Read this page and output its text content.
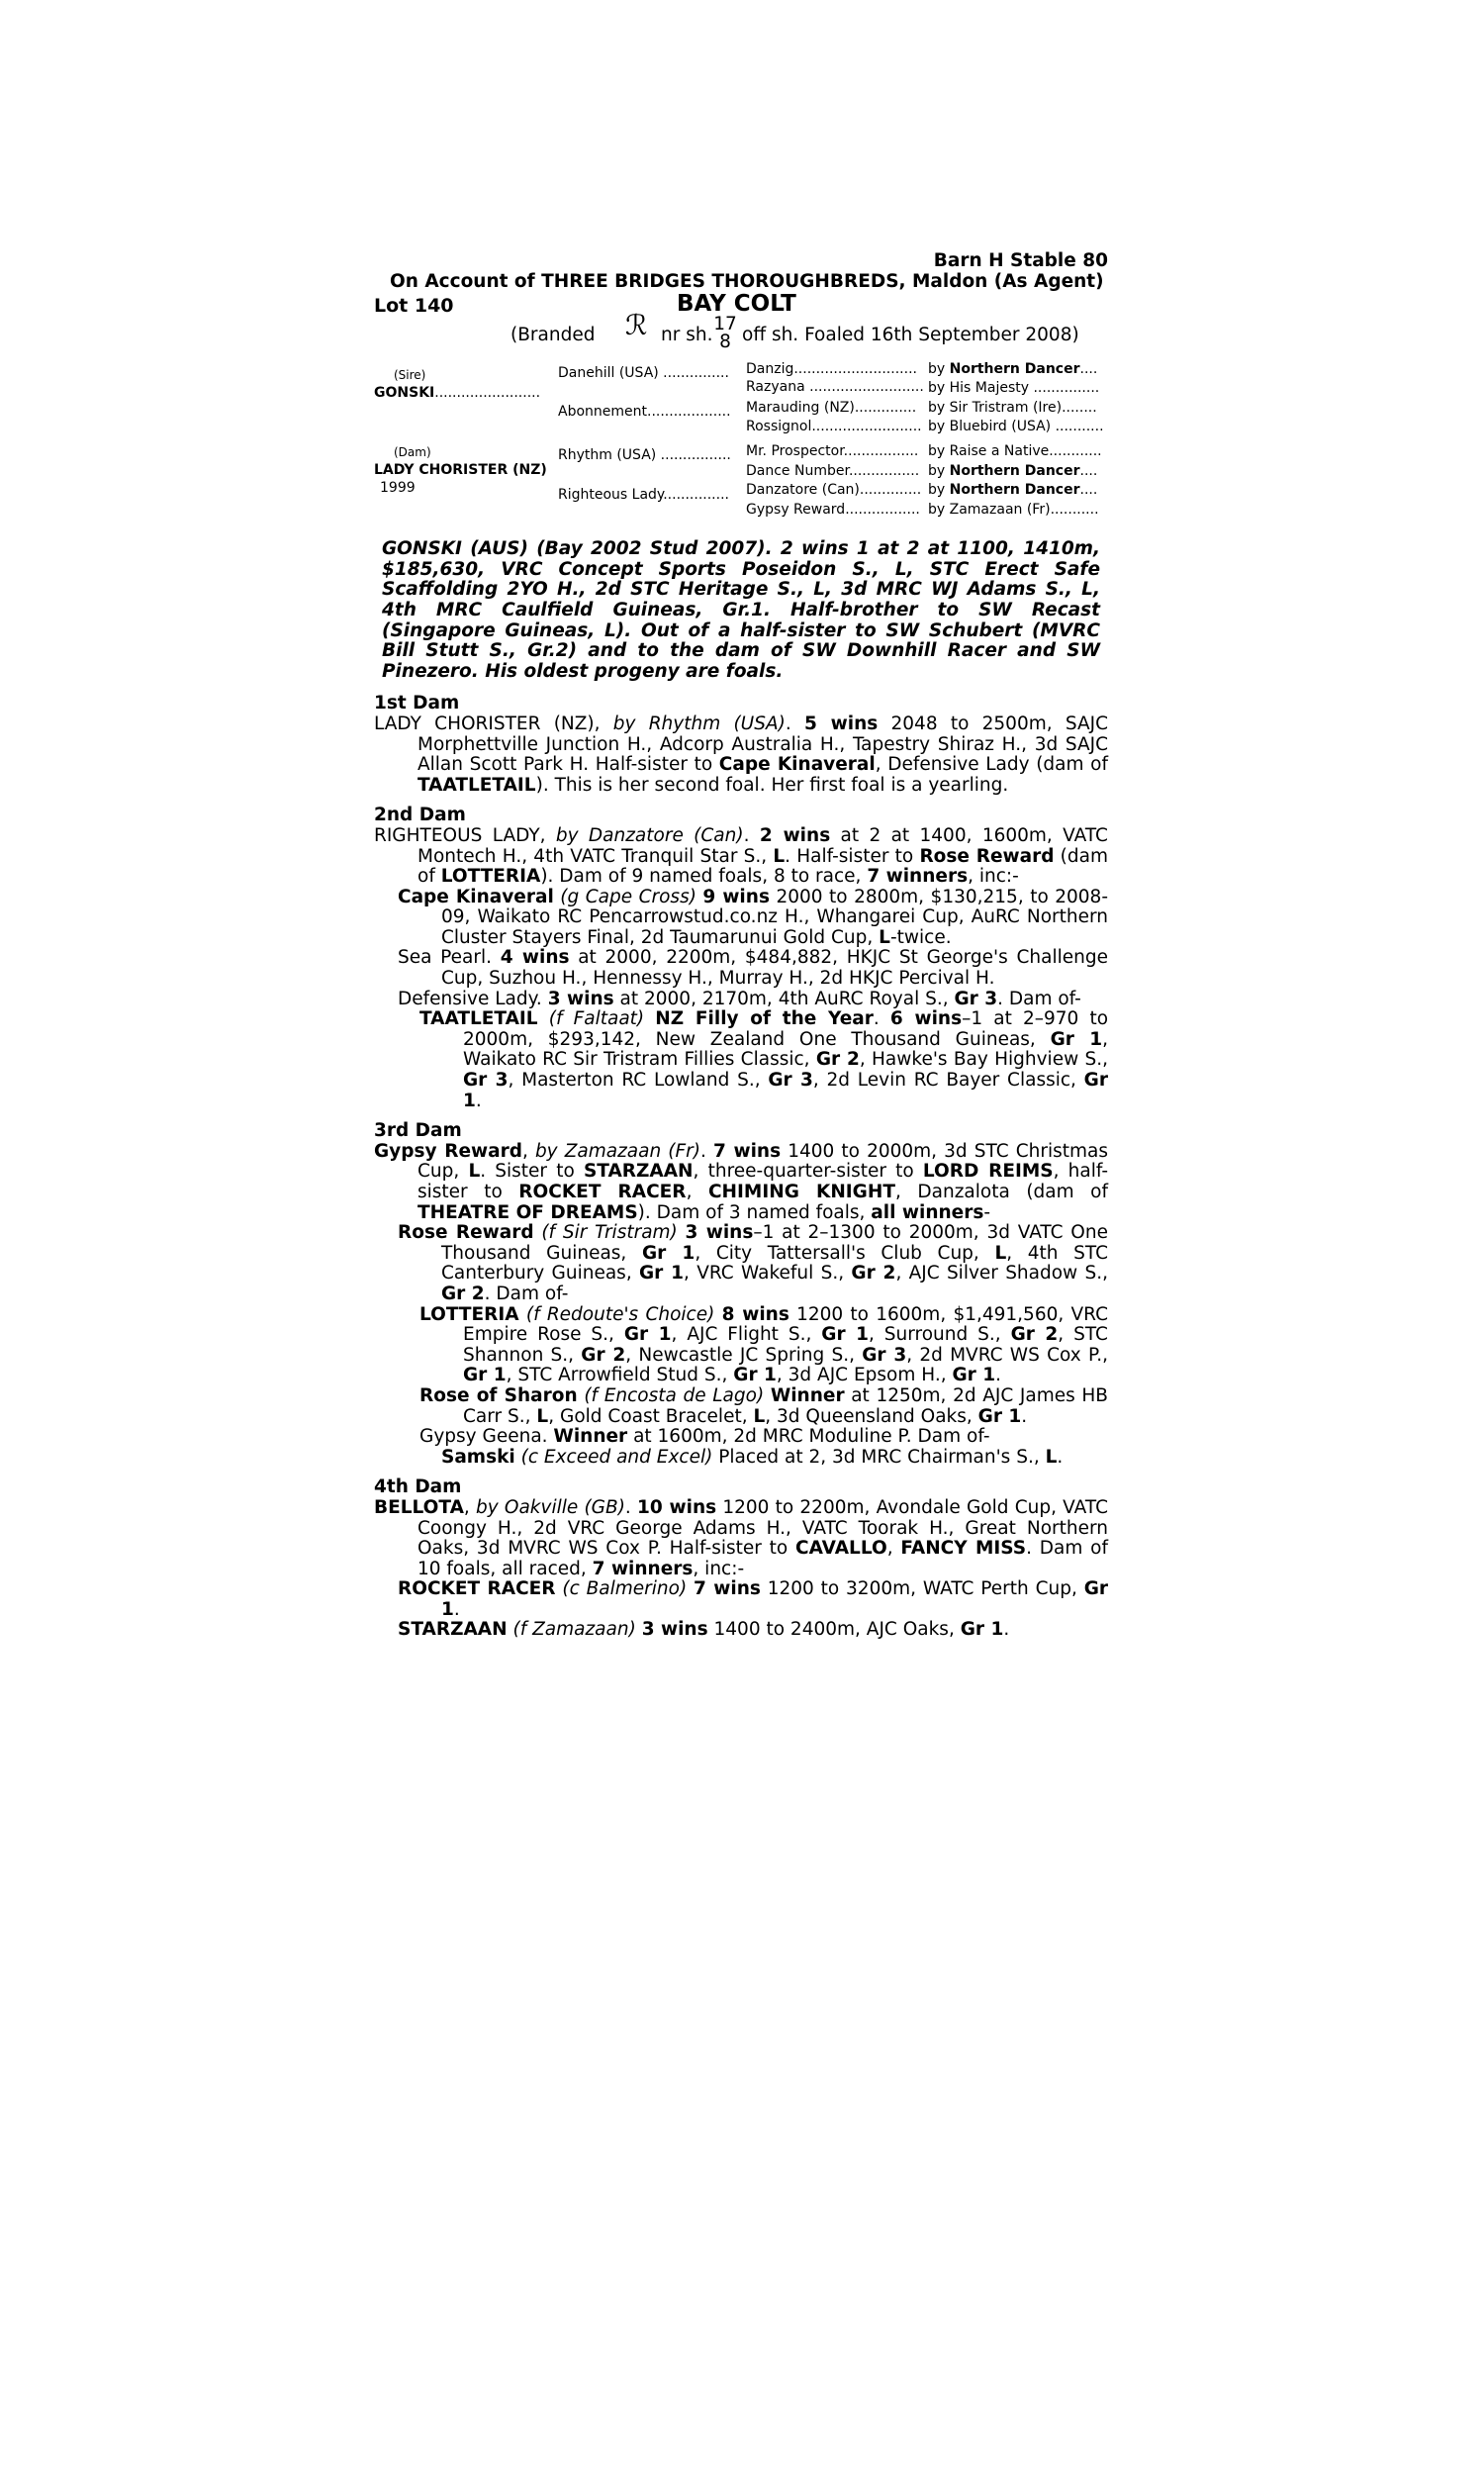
Barn H Stable 80
On Account of THREE BRIDGES THOROUGHBREDS, Maldon (As Agent)
Lot 140	BAY COLT
(Branded ℛ nr sh.
17
8 off sh. Foaled 16th September 2008)
(Sire)
GONSKI........................
(Dam)
LADY CHORISTER (NZ)
1999
Danehill (USA) ...............
Abonnement...................
Rhythm (USA) ................
Righteous Lady...............
Danzig............................
Razyana ..........................
Marauding (NZ)..............
Rossignol.........................
Mr. Prospector.................
Dance Number................
Danzatore (Can)..............
Gypsy Reward.................
by Northern Dancer....
by His Majesty ...............
by Sir Tristram (Ire)........
by Bluebird (USA) ...........
by Raise a Native............
by Northern Dancer....
by Northern Dancer....
by Zamazaan (Fr)...........
GONSKI (AUS) (Bay 2002 Stud 2007). 2 wins 1 at 2 at 1100, 1410m, $185,630, VRC Concept Sports Poseidon S., L, STC Erect Safe Scaffolding 2YO H., 2d STC Heritage S., L, 3d MRC WJ Adams S., L, 4th MRC Caulfield Guineas, Gr.1. Half-brother to SW Recast (Singapore Guineas, L). Out of a half-sister to SW Schubert (MVRC Bill Stutt S., Gr.2) and to the dam of SW Downhill Racer and SW Pinezero. His oldest progeny are foals.
1st Dam
LADY CHORISTER (NZ), by Rhythm (USA). 5 wins 2048 to 2500m, SAJC Morphettville Junction H., Adcorp Australia H., Tapestry Shiraz H., 3d SAJC Allan Scott Park H. Half-sister to Cape Kinaveral, Defensive Lady (dam of TAATLETAIL). This is her second foal. Her first foal is a yearling.
2nd Dam
RIGHTEOUS LADY, by Danzatore (Can). 2 wins at 2 at 1400, 1600m, VATC Montech H., 4th VATC Tranquil Star S., L. Half-sister to Rose Reward (dam of LOTTERIA). Dam of 9 named foals, 8 to race, 7 winners, inc:-
Cape Kinaveral (g Cape Cross) 9 wins 2000 to 2800m, $130,215, to 2008-09, Waikato RC Pencarrowstud.co.nz H., Whangarei Cup, AuRC Northern Cluster Stayers Final, 2d Taumarunui Gold Cup, L-twice.
Sea Pearl. 4 wins at 2000, 2200m, $484,882, HKJC St George's Challenge Cup, Suzhou H., Hennessy H., Murray H., 2d HKJC Percival H.
Defensive Lady. 3 wins at 2000, 2170m, 4th AuRC Royal S., Gr 3. Dam of-
TAATLETAIL (f Faltaat) NZ Filly of the Year. 6 wins–1 at 2–970 to 2000m, $293,142, New Zealand One Thousand Guineas, Gr 1, Waikato RC Sir Tristram Fillies Classic, Gr 2, Hawke's Bay Highview S., Gr 3, Masterton RC Lowland S., Gr 3, 2d Levin RC Bayer Classic, Gr 1.
3rd Dam
Gypsy Reward, by Zamazaan (Fr). 7 wins 1400 to 2000m, 3d STC Christmas Cup, L. Sister to STARZAAN, three-quarter-sister to LORD REIMS, half-sister to ROCKET RACER, CHIMING KNIGHT, Danzalota (dam of THEATRE OF DREAMS). Dam of 3 named foals, all winners-
Rose Reward (f Sir Tristram) 3 wins–1 at 2–1300 to 2000m, 3d VATC One Thousand Guineas, Gr 1, City Tattersall's Club Cup, L, 4th STC Canterbury Guineas, Gr 1, VRC Wakeful S., Gr 2, AJC Silver Shadow S., Gr 2. Dam of-
LOTTERIA (f Redoute's Choice) 8 wins 1200 to 1600m, $1,491,560, VRC Empire Rose S., Gr 1, AJC Flight S., Gr 1, Surround S., Gr 2, STC Shannon S., Gr 2, Newcastle JC Spring S., Gr 3, 2d MVRC WS Cox P., Gr 1, STC Arrowfield Stud S., Gr 1, 3d AJC Epsom H., Gr 1.
Rose of Sharon (f Encosta de Lago) Winner at 1250m, 2d AJC James HB Carr S., L, Gold Coast Bracelet, L, 3d Queensland Oaks, Gr 1.
Gypsy Geena. Winner at 1600m, 2d MRC Moduline P. Dam of-
Samski (c Exceed and Excel) Placed at 2, 3d MRC Chairman's S., L.
4th Dam
BELLOTA, by Oakville (GB). 10 wins 1200 to 2200m, Avondale Gold Cup, VATC Coongy H., 2d VRC George Adams H., VATC Toorak H., Great Northern Oaks, 3d MVRC WS Cox P. Half-sister to CAVALLO, FANCY MISS. Dam of 10 foals, all raced, 7 winners, inc:-
ROCKET RACER (c Balmerino) 7 wins 1200 to 3200m, WATC Perth Cup, Gr 1.
STARZAAN (f Zamazaan) 3 wins 1400 to 2400m, AJC Oaks, Gr 1.
